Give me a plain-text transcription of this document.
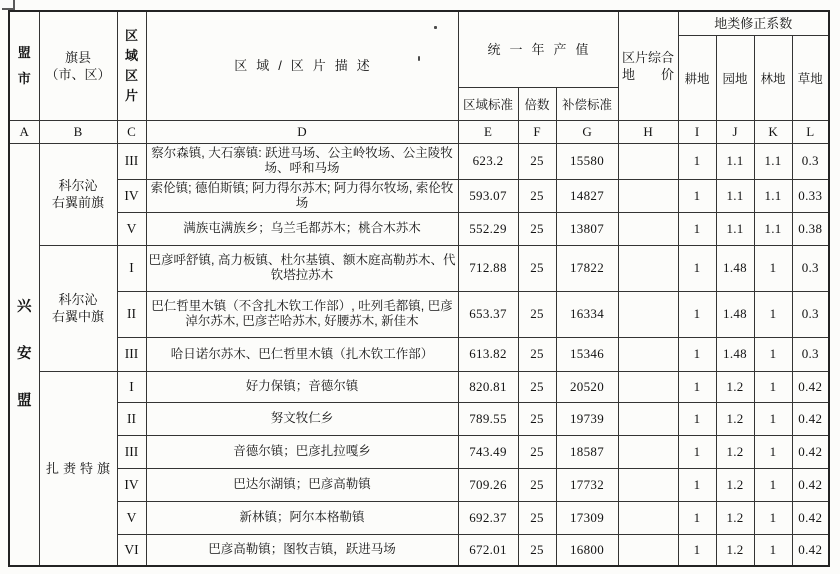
盟市

旗县
（市、区）

区域区片
	区域/区片描述	统一年产值	
区片综合
地　　价
	地类修正系数
								耕地	园地	林地	草地
				区域标准	倍数	补偿标准					
A	B	C	D	E	F	G	H	I	J	K	L

兴安盟	科尔沁
右翼前旗	III	察尔森镇, 大石寨镇: 跃进马场、公主岭牧场、公主陵牧场、呼和马场	623.2	25	15580		1	1.1	1.1	0.3
		IV	索伦镇; 德伯斯镇; 阿力得尔苏木; 阿力得尔牧场, 索伦牧场	593.07	25	14827		1	1.1	1.1	0.33
		V	满族屯满族乡；乌兰毛都苏木；桃合木苏木	552.29	25	13807		1	1.1	1.1	0.38

	科尔沁
右翼中旗	I	巴彦呼舒镇, 高力板镇、杜尔基镇、额木庭高勒苏木、代钦塔拉苏木	712.88	25	17822		1	1.48	1	0.3
		II	巴仁哲里木镇（不含扎木钦工作部）, 吐列毛都镇, 巴彦淖尔苏木, 巴彦芒哈苏木, 好腰苏木, 新佳木	653.37	25	16334		1	1.48	1	0.3
		III	哈日诺尔苏木、巴仁哲里木镇（扎木钦工作部）	613.82	25	15346		1	1.48	1	0.3

	扎赉特旗	I	好力保镇；音德尔镇	820.81	25	20520		1	1.2	1	0.42
		II	努文牧仁乡	789.55	25	19739		1	1.2	1	0.42
		III	音德尔镇；巴彦扎拉嘎乡	743.49	25	18587		1	1.2	1	0.42
		IV	巴达尔湖镇；巴彦高勒镇	709.26	25	17732		1	1.2	1	0.42
		V	新林镇；阿尔本格勒镇	692.37	25	17309		1	1.2	1	0.42
		VI	巴彦高勒镇；图牧吉镇，跃进马场	672.01	25	16800		1	1.2	1	0.42
